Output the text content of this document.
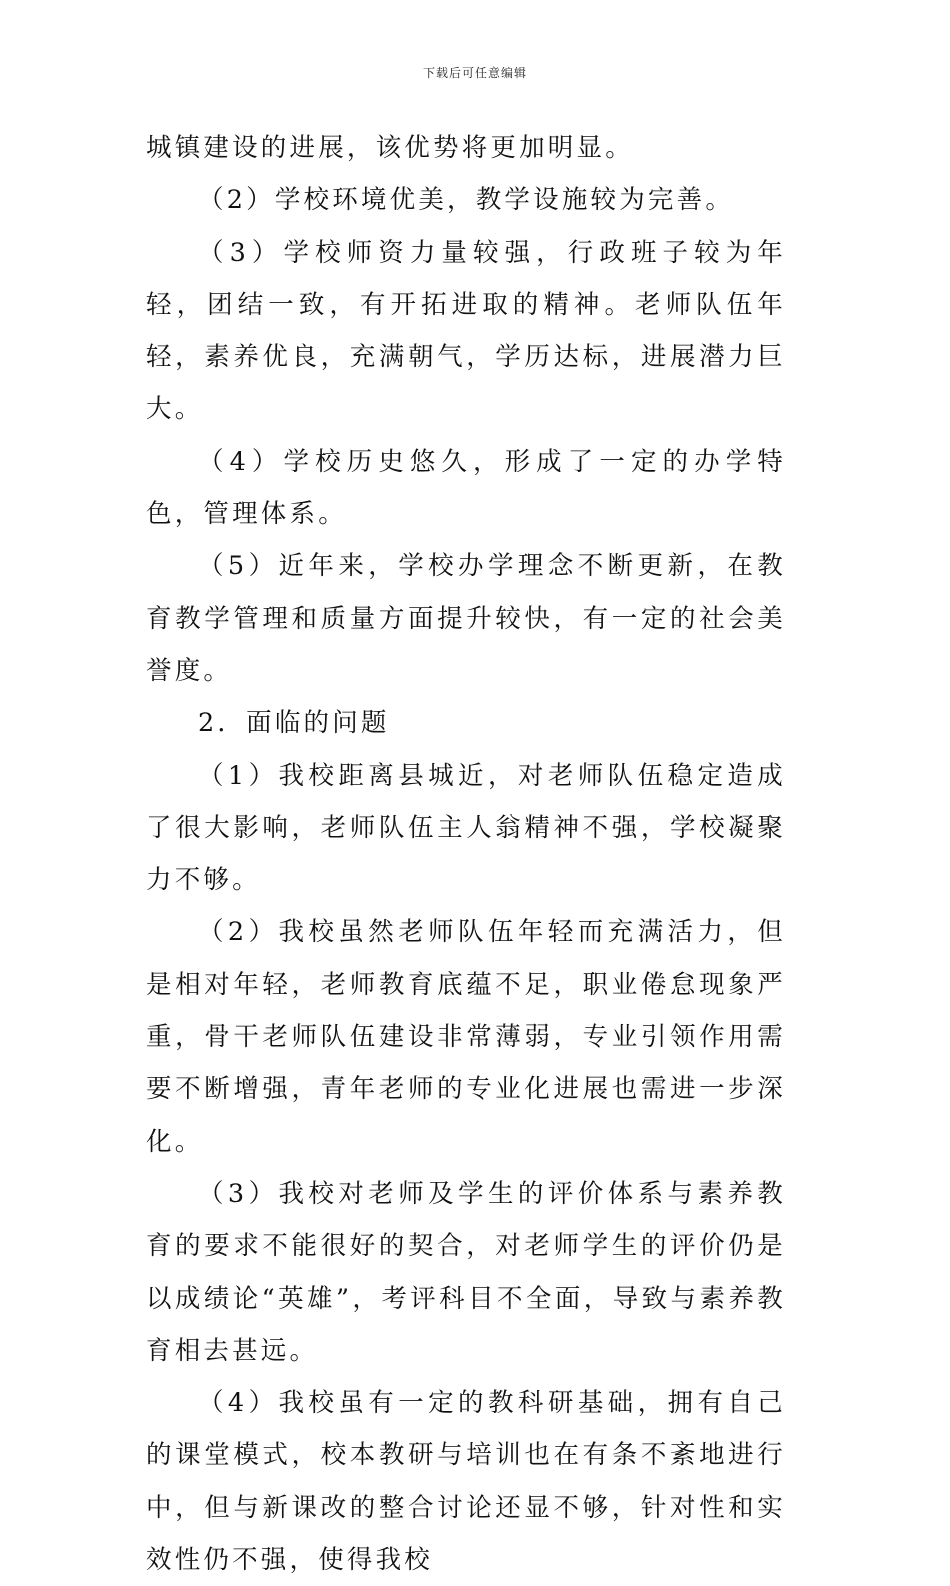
下载后可任意编辑

城镇建设的进展，该优势将更加明显。

（2）学校环境优美，教学设施较为完善。

（3）学校师资力量较强，行政班子较为年轻，团结一致，有开拓进取的精神。老师队伍年轻，素养优良，充满朝气，学历达标，进展潜力巨大。

（4）学校历史悠久，形成了一定的办学特色，管理体系。

（5）近年来，学校办学理念不断更新，在教育教学管理和质量方面提升较快，有一定的社会美誉度。

2．面临的问题

（1）我校距离县城近，对老师队伍稳定造成了很大影响，老师队伍主人翁精神不强，学校凝聚力不够。

（2）我校虽然老师队伍年轻而充满活力，但是相对年轻，老师教育底蕴不足，职业倦怠现象严重，骨干老师队伍建设非常薄弱，专业引领作用需要不断增强，青年老师的专业化进展也需进一步深化。

（3）我校对老师及学生的评价体系与素养教育的要求不能很好的契合，对老师学生的评价仍是以成绩论“英雄”，考评科目不全面，导致与素养教育相去甚远。

（4）我校虽有一定的教科研基础，拥有自己的课堂模式，校本教研与培训也在有条不紊地进行中，但与新课改的整合讨论还显不够，针对性和实效性仍不强，使得我校
